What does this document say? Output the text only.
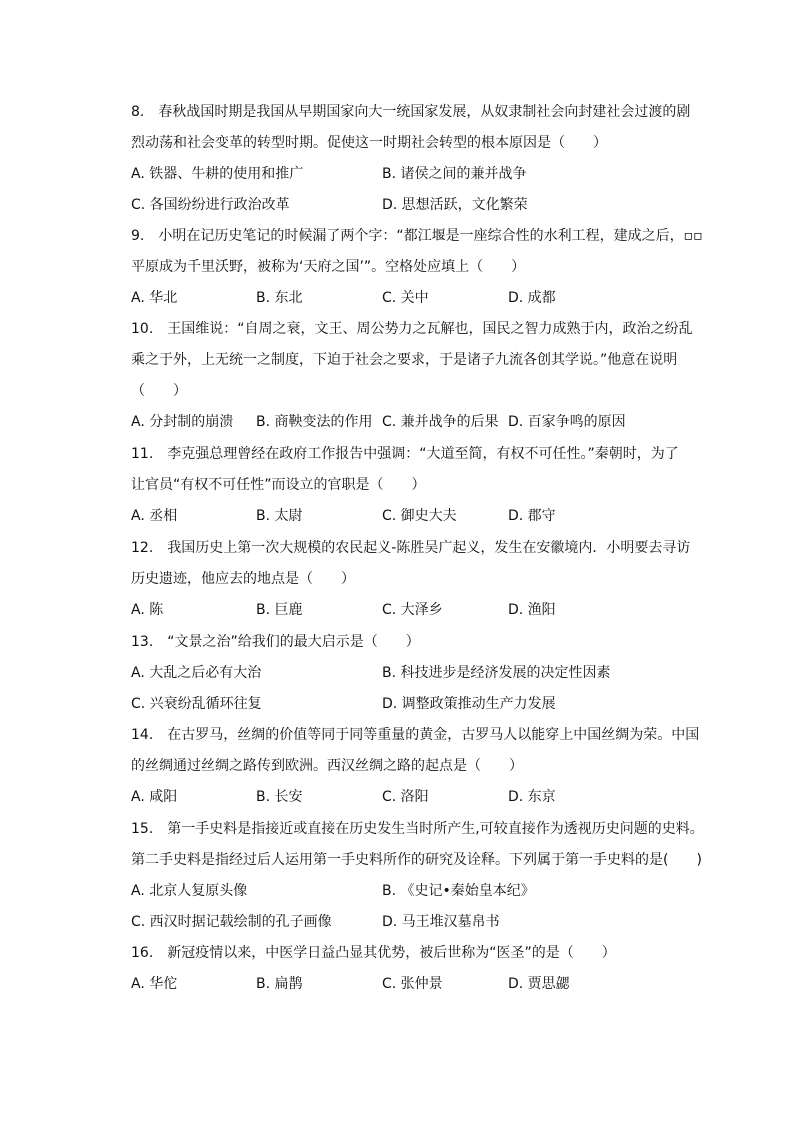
8.　春秋战国时期是我国从早期国家向大一统国家发展，从奴隶制社会向封建社会过渡的剧
烈动荡和社会变革的转型时期。促使这一时期社会转型的根本原因是（　　）
A. 铁器、牛耕的使用和推广	B. 诸侯之间的兼并战争
C. 各国纷纷进行政治改革	D. 思想活跃，文化繁荣
9.　小明在记历史笔记的时候漏了两个字：“都江堰是一座综合性的水利工程，建成之后，▫▫
平原成为千里沃野，被称为‘天府之国’”。空格处应填上（　　）
A. 华北	B. 东北	C. 关中	D. 成都
10.　王国维说：“自周之衰，文王、周公势力之瓦解也，国民之智力成熟于内，政治之纷乱
乘之于外，上无统一之制度，下迫于社会之要求，于是诸子九流各创其学说。”他意在说明
（　　）
A. 分封制的崩溃 B. 商鞅变法的作用 C. 兼并战争的后果 D. 百家争鸣的原因
11.　李克强总理曾经在政府工作报告中强调：“大道至简，有权不可任性。”秦朝时，为了
让官员“有权不可任性”而设立的官职是（　　）
A. 丞相	B. 太尉	C. 御史大夫	D. 郡守
12.　我国历史上第一次大规模的农民起义-陈胜吴广起义，发生在安徽境内．小明要去寻访
历史遗迹，他应去的地点是（　　）
A. 陈	B. 巨鹿	C. 大泽乡	D. 渔阳
13.　“文景之治”给我们的最大启示是（　　）
A. 大乱之后必有大治	B. 科技进步是经济发展的决定性因素
C. 兴衰纷乱循环往复	D. 调整政策推动生产力发展
14.　在古罗马，丝绸的价值等同于同等重量的黄金，古罗马人以能穿上中国丝绸为荣。中国
的丝绸通过丝绸之路传到欧洲。西汉丝绸之路的起点是（　　）
A. 咸阳	B. 长安	C. 洛阳	D. 东京
15.　第一手史料是指接近或直接在历史发生当时所产生,可较直接作为透视历史问题的史料。
第二手史料是指经过后人运用第一手史料所作的研究及诠释。下列属于第一手史料的是(　　)
A. 北京人复原头像	B. 《史记•秦始皇本纪》
C. 西汉时据记载绘制的孔子画像	D. 马王堆汉墓帛书
16.　新冠疫情以来，中医学日益凸显其优势，被后世称为“医圣”的是（　　）
A. 华佗	B. 扁鹊	C. 张仲景	D. 贾思勰
